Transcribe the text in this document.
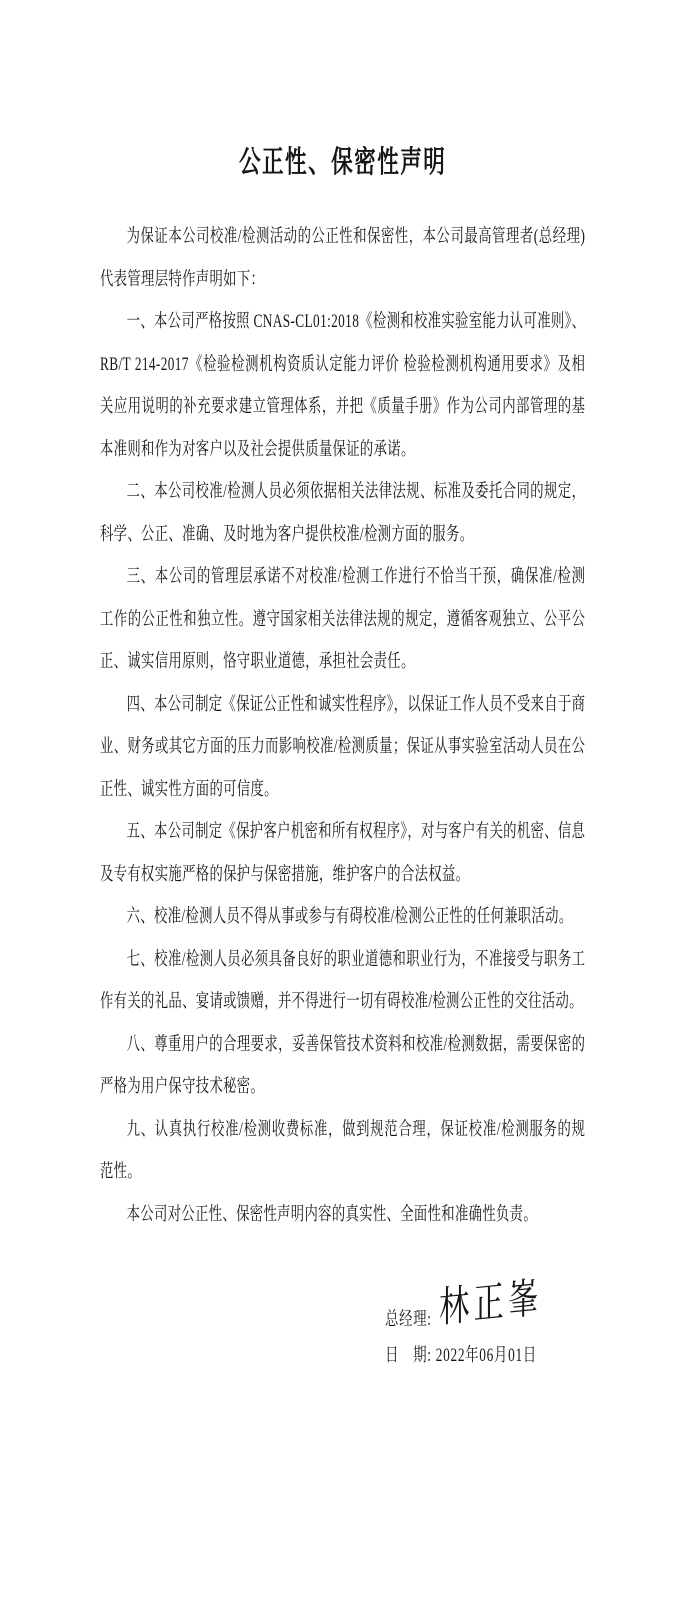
公正性、保密性声明

为保证本公司校准/检测活动的公正性和保密性，本公司最高管理者(总经理)代表管理层特作声明如下：

一、本公司严格按照 CNAS-CL01:2018《检测和校准实验室能力认可准则》、RB/T 214-2017《检验检测机构资质认定能力评价 检验检测机构通用要求》及相关应用说明的补充要求建立管理体系，并把《质量手册》作为公司内部管理的基本准则和作为对客户以及社会提供质量保证的承诺。

二、本公司校准/检测人员必须依据相关法律法规、标准及委托合同的规定，科学、公正、准确、及时地为客户提供校准/检测方面的服务。

三、本公司的管理层承诺不对校准/检测工作进行不恰当干预，确保准/检测工作的公正性和独立性。遵守国家相关法律法规的规定，遵循客观独立、公平公正、诚实信用原则，恪守职业道德，承担社会责任。

四、本公司制定《保证公正性和诚实性程序》，以保证工作人员不受来自于商业、财务或其它方面的压力而影响校准/检测质量；保证从事实验室活动人员在公正性、诚实性方面的可信度。

五、本公司制定《保护客户机密和所有权程序》，对与客户有关的机密、信息及专有权实施严格的保护与保密措施，维护客户的合法权益。

六、校准/检测人员不得从事或参与有碍校准/检测公正性的任何兼职活动。

七、校准/检测人员必须具备良好的职业道德和职业行为，不准接受与职务工作有关的礼品、宴请或馈赠，并不得进行一切有碍校准/检测公正性的交往活动。

八、尊重用户的合理要求，妥善保管技术资料和校准/检测数据，需要保密的严格为用户保守技术秘密。

九、认真执行校准/检测收费标准，做到规范合理，保证校准/检测服务的规范性。

本公司对公正性、保密性声明内容的真实性、全面性和准确性负责。

总经理: 林正峯
日　期: 2022年06月01日
